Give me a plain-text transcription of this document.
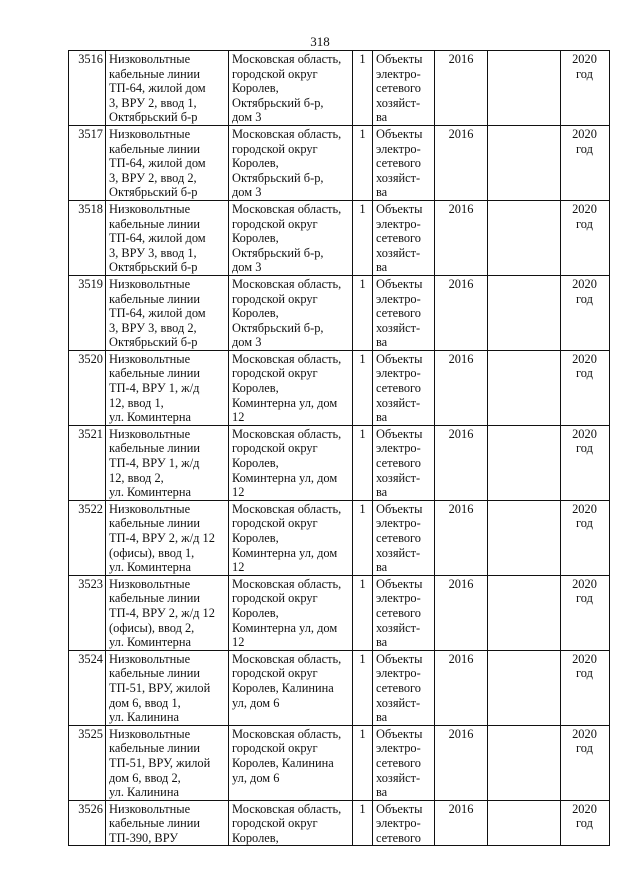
318
3516	Низковольтные
кабельные линии
ТП-64, жилой дом
3, ВРУ 2, ввод 1,
Октябрьский б-р	Московская область,
городской округ
Королев,
Октябрьский б-р,
дом 3	1	Объекты
электро-
сетевого
хозяйст-
ва	2016		2020
год

3517	Низковольтные
кабельные линии
ТП-64, жилой дом
3, ВРУ 2, ввод 2,
Октябрьский б-р	Московская область,
городской округ
Королев,
Октябрьский б-р,
дом 3	1	Объекты
электро-
сетевого
хозяйст-
ва	2016		2020
год

3518	Низковольтные
кабельные линии
ТП-64, жилой дом
3, ВРУ 3, ввод 1,
Октябрьский б-р	Московская область,
городской округ
Королев,
Октябрьский б-р,
дом 3	1	Объекты
электро-
сетевого
хозяйст-
ва	2016		2020
год

3519	Низковольтные
кабельные линии
ТП-64, жилой дом
3, ВРУ 3, ввод 2,
Октябрьский б-р	Московская область,
городской округ
Королев,
Октябрьский б-р,
дом 3	1	Объекты
электро-
сетевого
хозяйст-
ва	2016		2020
год

3520	Низковольтные
кабельные линии
ТП-4, ВРУ 1, ж/д
12, ввод 1,
ул. Коминтерна	Московская область,
городской округ
Королев,
Коминтерна ул, дом
12	1	Объекты
электро-
сетевого
хозяйст-
ва	2016		2020
год

3521	Низковольтные
кабельные линии
ТП-4, ВРУ 1, ж/д
12, ввод 2,
ул. Коминтерна	Московская область,
городской округ
Королев,
Коминтерна ул, дом
12	1	Объекты
электро-
сетевого
хозяйст-
ва	2016		2020
год

3522	Низковольтные
кабельные линии
ТП-4, ВРУ 2, ж/д 12
(офисы), ввод 1,
ул. Коминтерна	Московская область,
городской округ
Королев,
Коминтерна ул, дом
12	1	Объекты
электро-
сетевого
хозяйст-
ва	2016		2020
год

3523	Низковольтные
кабельные линии
ТП-4, ВРУ 2, ж/д 12
(офисы), ввод 2,
ул. Коминтерна	Московская область,
городской округ
Королев,
Коминтерна ул, дом
12	1	Объекты
электро-
сетевого
хозяйст-
ва	2016		2020
год

3524	Низковольтные
кабельные линии
ТП-51, ВРУ, жилой
дом 6, ввод 1,
ул. Калинина	Московская область,
городской округ
Королев, Калинина
ул, дом 6	1	Объекты
электро-
сетевого
хозяйст-
ва	2016		2020
год

3525	Низковольтные
кабельные линии
ТП-51, ВРУ, жилой
дом 6, ввод 2,
ул. Калинина	Московская область,
городской округ
Королев, Калинина
ул, дом 6	1	Объекты
электро-
сетевого
хозяйст-
ва	2016		2020
год

3526	Низковольтные
кабельные линии
ТП-390, ВРУ	Московская область,
городской округ
Королев,	1	Объекты
электро-
сетевого	2016		2020
год
